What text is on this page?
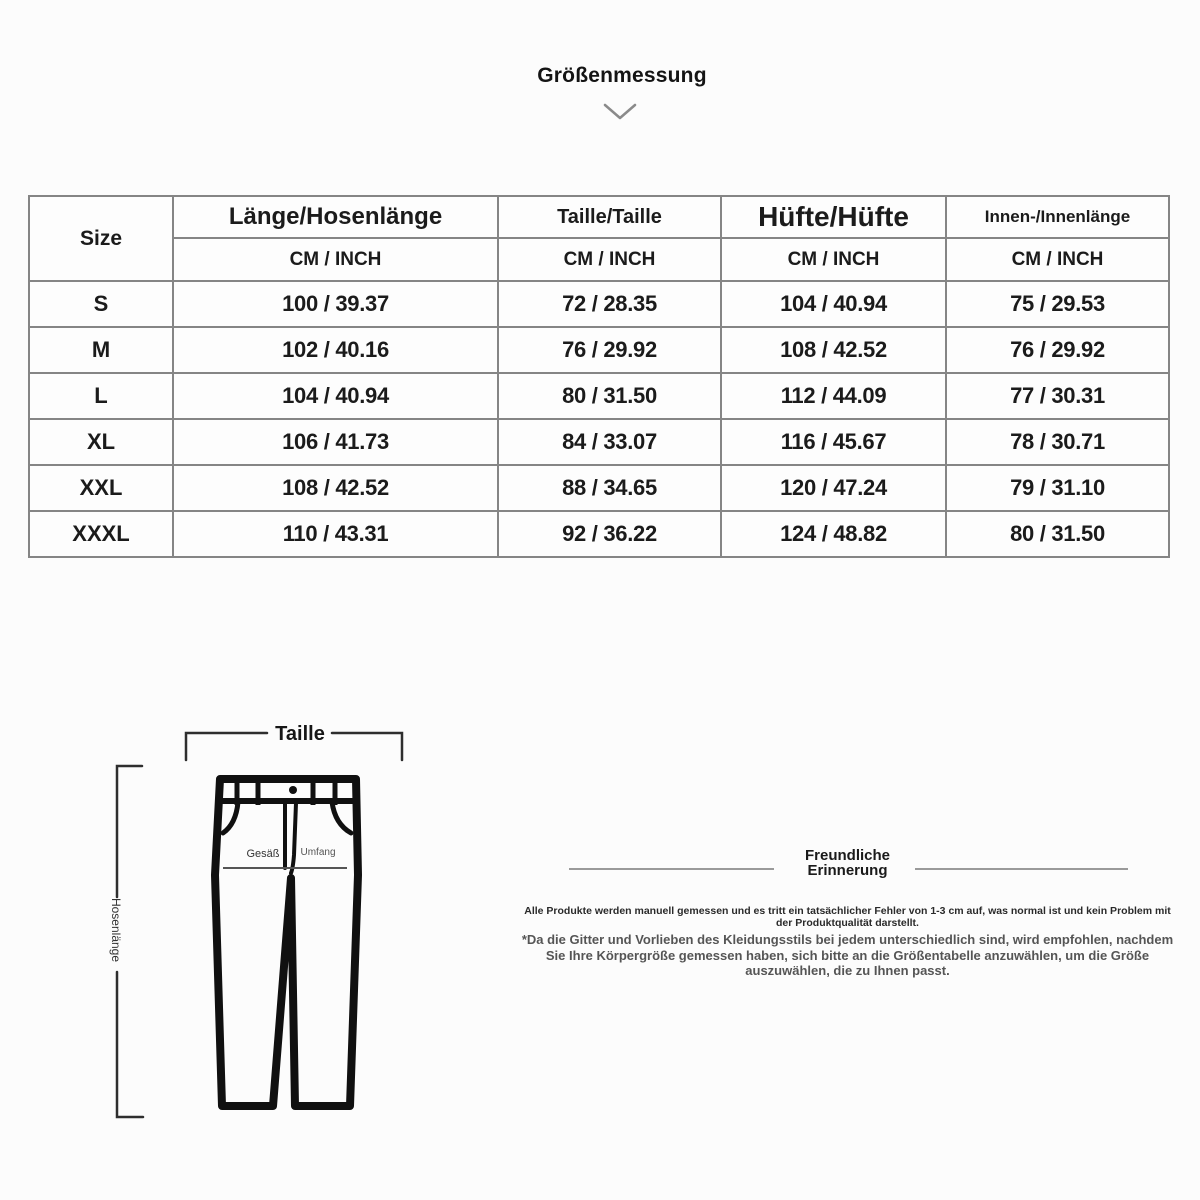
Größenmessung
Size	Länge/Hosenlänge	Taille/Taille	Hüfte/Hüfte	Innen-/Innenlänge
	CM / INCH	CM / INCH	CM / INCH	CM / INCH
S	100 / 39.37	72 / 28.35	104 / 40.94	75 / 29.53
M	102 / 40.16	76 / 29.92	108 / 42.52	76 / 29.92
L	104 / 40.94	80 / 31.50	112 / 44.09	77 / 30.31
XL	106 / 41.73	84 / 33.07	116 / 45.67	78 / 30.71
XXL	108 / 42.52	88 / 34.65	120 / 47.24	79 / 31.10
XXXL	110 / 43.31	92 / 36.22	124 / 48.82	80 / 31.50
Taille
Hosenlänge
Gesäß Umfang	Freundliche
Erinnerung
Alle Produkte werden manuell gemessen und es tritt ein tatsächlicher Fehler von 1-3 cm auf, was normal ist und kein Problem mit der Produktqualität darstellt.
*Da die Gitter und Vorlieben des Kleidungsstils bei jedem unterschiedlich sind, wird empfohlen, nachdem Sie Ihre Körpergröße gemessen haben, sich bitte an die Größentabelle anzuwählen, um die Größe auszuwählen, die zu Ihnen passt.
